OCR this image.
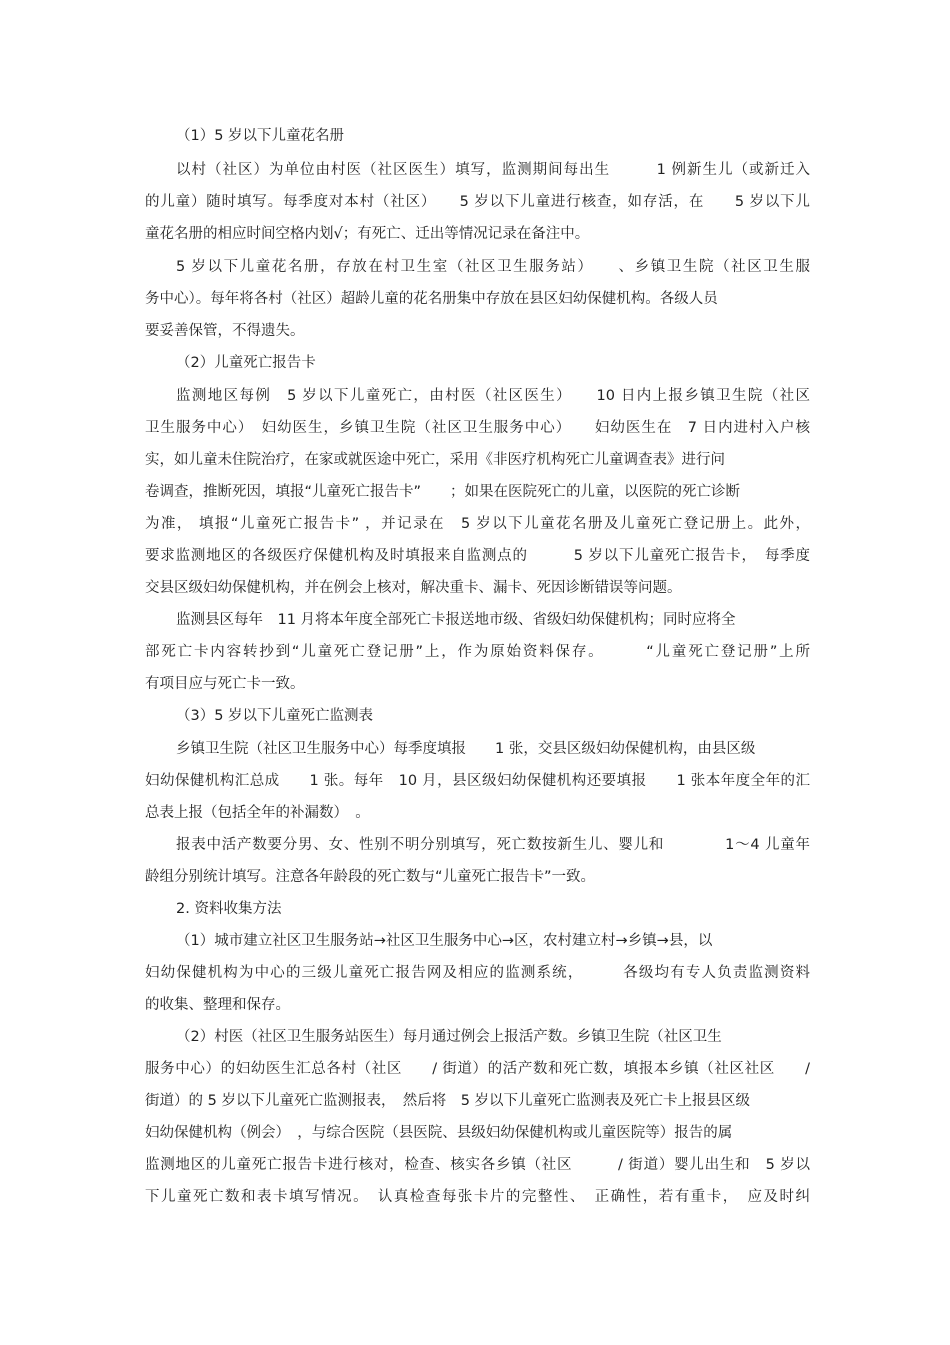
（1）5 岁以下儿童花名册
以村（社区）为单位由村医（社区医生）填写，监测期间每出生　　　1 例新生儿（或新迁入
的儿童）随时填写。每季度对本村（社区）　　5 岁以下儿童进行核查，如存活，在　　5 岁以下儿
童花名册的相应时间空格内划√；有死亡、迁出等情况记录在备注中。
5 岁以下儿童花名册，存放在村卫生室（社区卫生服务站）　　、乡镇卫生院（社区卫生服
务中心）。每年将各村（社区）超龄儿童的花名册集中存放在县区妇幼保健机构。各级人员
要妥善保管，不得遗失。
（2）儿童死亡报告卡
监测地区每例　5 岁以下儿童死亡，由村医（社区医生）　　10 日内上报乡镇卫生院（社区
卫生服务中心）　妇幼医生，乡镇卫生院（社区卫生服务中心）　　妇幼医生在　7 日内进村入户核
实，如儿童未住院治疗，在家或就医途中死亡，采用《非医疗机构死亡儿童调查表》进行问
卷调查，推断死因，填报“儿童死亡报告卡”　　；如果在医院死亡的儿童，以医院的死亡诊断
为准， 填报“儿童死亡报告卡” ，并记录在　5 岁以下儿童花名册及儿童死亡登记册上。此外，
要求监测地区的各级医疗保健机构及时填报来自监测点的　　　5 岁以下儿童死亡报告卡，　每季度
交县区级妇幼保健机构，并在例会上核对，解决重卡、漏卡、死因诊断错误等问题。
监测县区每年　11 月将本年度全部死亡卡报送地市级、省级妇幼保健机构；同时应将全
部死亡卡内容转抄到“儿童死亡登记册”上，作为原始资料保存。　　　“儿童死亡登记册”上所
有项目应与死亡卡一致。
（3）5 岁以下儿童死亡监测表
乡镇卫生院（社区卫生服务中心）每季度填报　　1 张，交县区级妇幼保健机构，由县区级
妇幼保健机构汇总成　　1 张。每年　10 月，县区级妇幼保健机构还要填报　　1 张本年度全年的汇
总表上报（包括全年的补漏数）　。
报表中活产数要分男、女、性别不明分别填写，死亡数按新生儿、婴儿和　　　　1～4 儿童年
龄组分别统计填写。注意各年龄段的死亡数与“儿童死亡报告卡”一致。
2. 资料收集方法
（1）城市建立社区卫生服务站→社区卫生服务中心→区，农村建立村→乡镇→县，以
妇幼保健机构为中心的三级儿童死亡报告网及相应的监测系统，　　　各级均有专人负责监测资料
的收集、整理和保存。
（2）村医（社区卫生服务站医生）每月通过例会上报活产数。乡镇卫生院（社区卫生
服务中心）的妇幼医生汇总各村（社区　　/ 街道）的活产数和死亡数，填报本乡镇（社区社区　　/
街道）的 5 岁以下儿童死亡监测报表，　然后将　5 岁以下儿童死亡监测表及死亡卡上报县区级
妇幼保健机构（例会）　，与综合医院（县医院、县级妇幼保健机构或儿童医院等）报告的属
监测地区的儿童死亡报告卡进行核对，检查、核实各乡镇（社区　　　/ 街道）婴儿出生和　5 岁以
下儿童死亡数和表卡填写情况。　认真检查每张卡片的完整性、　正确性，若有重卡，　应及时纠
